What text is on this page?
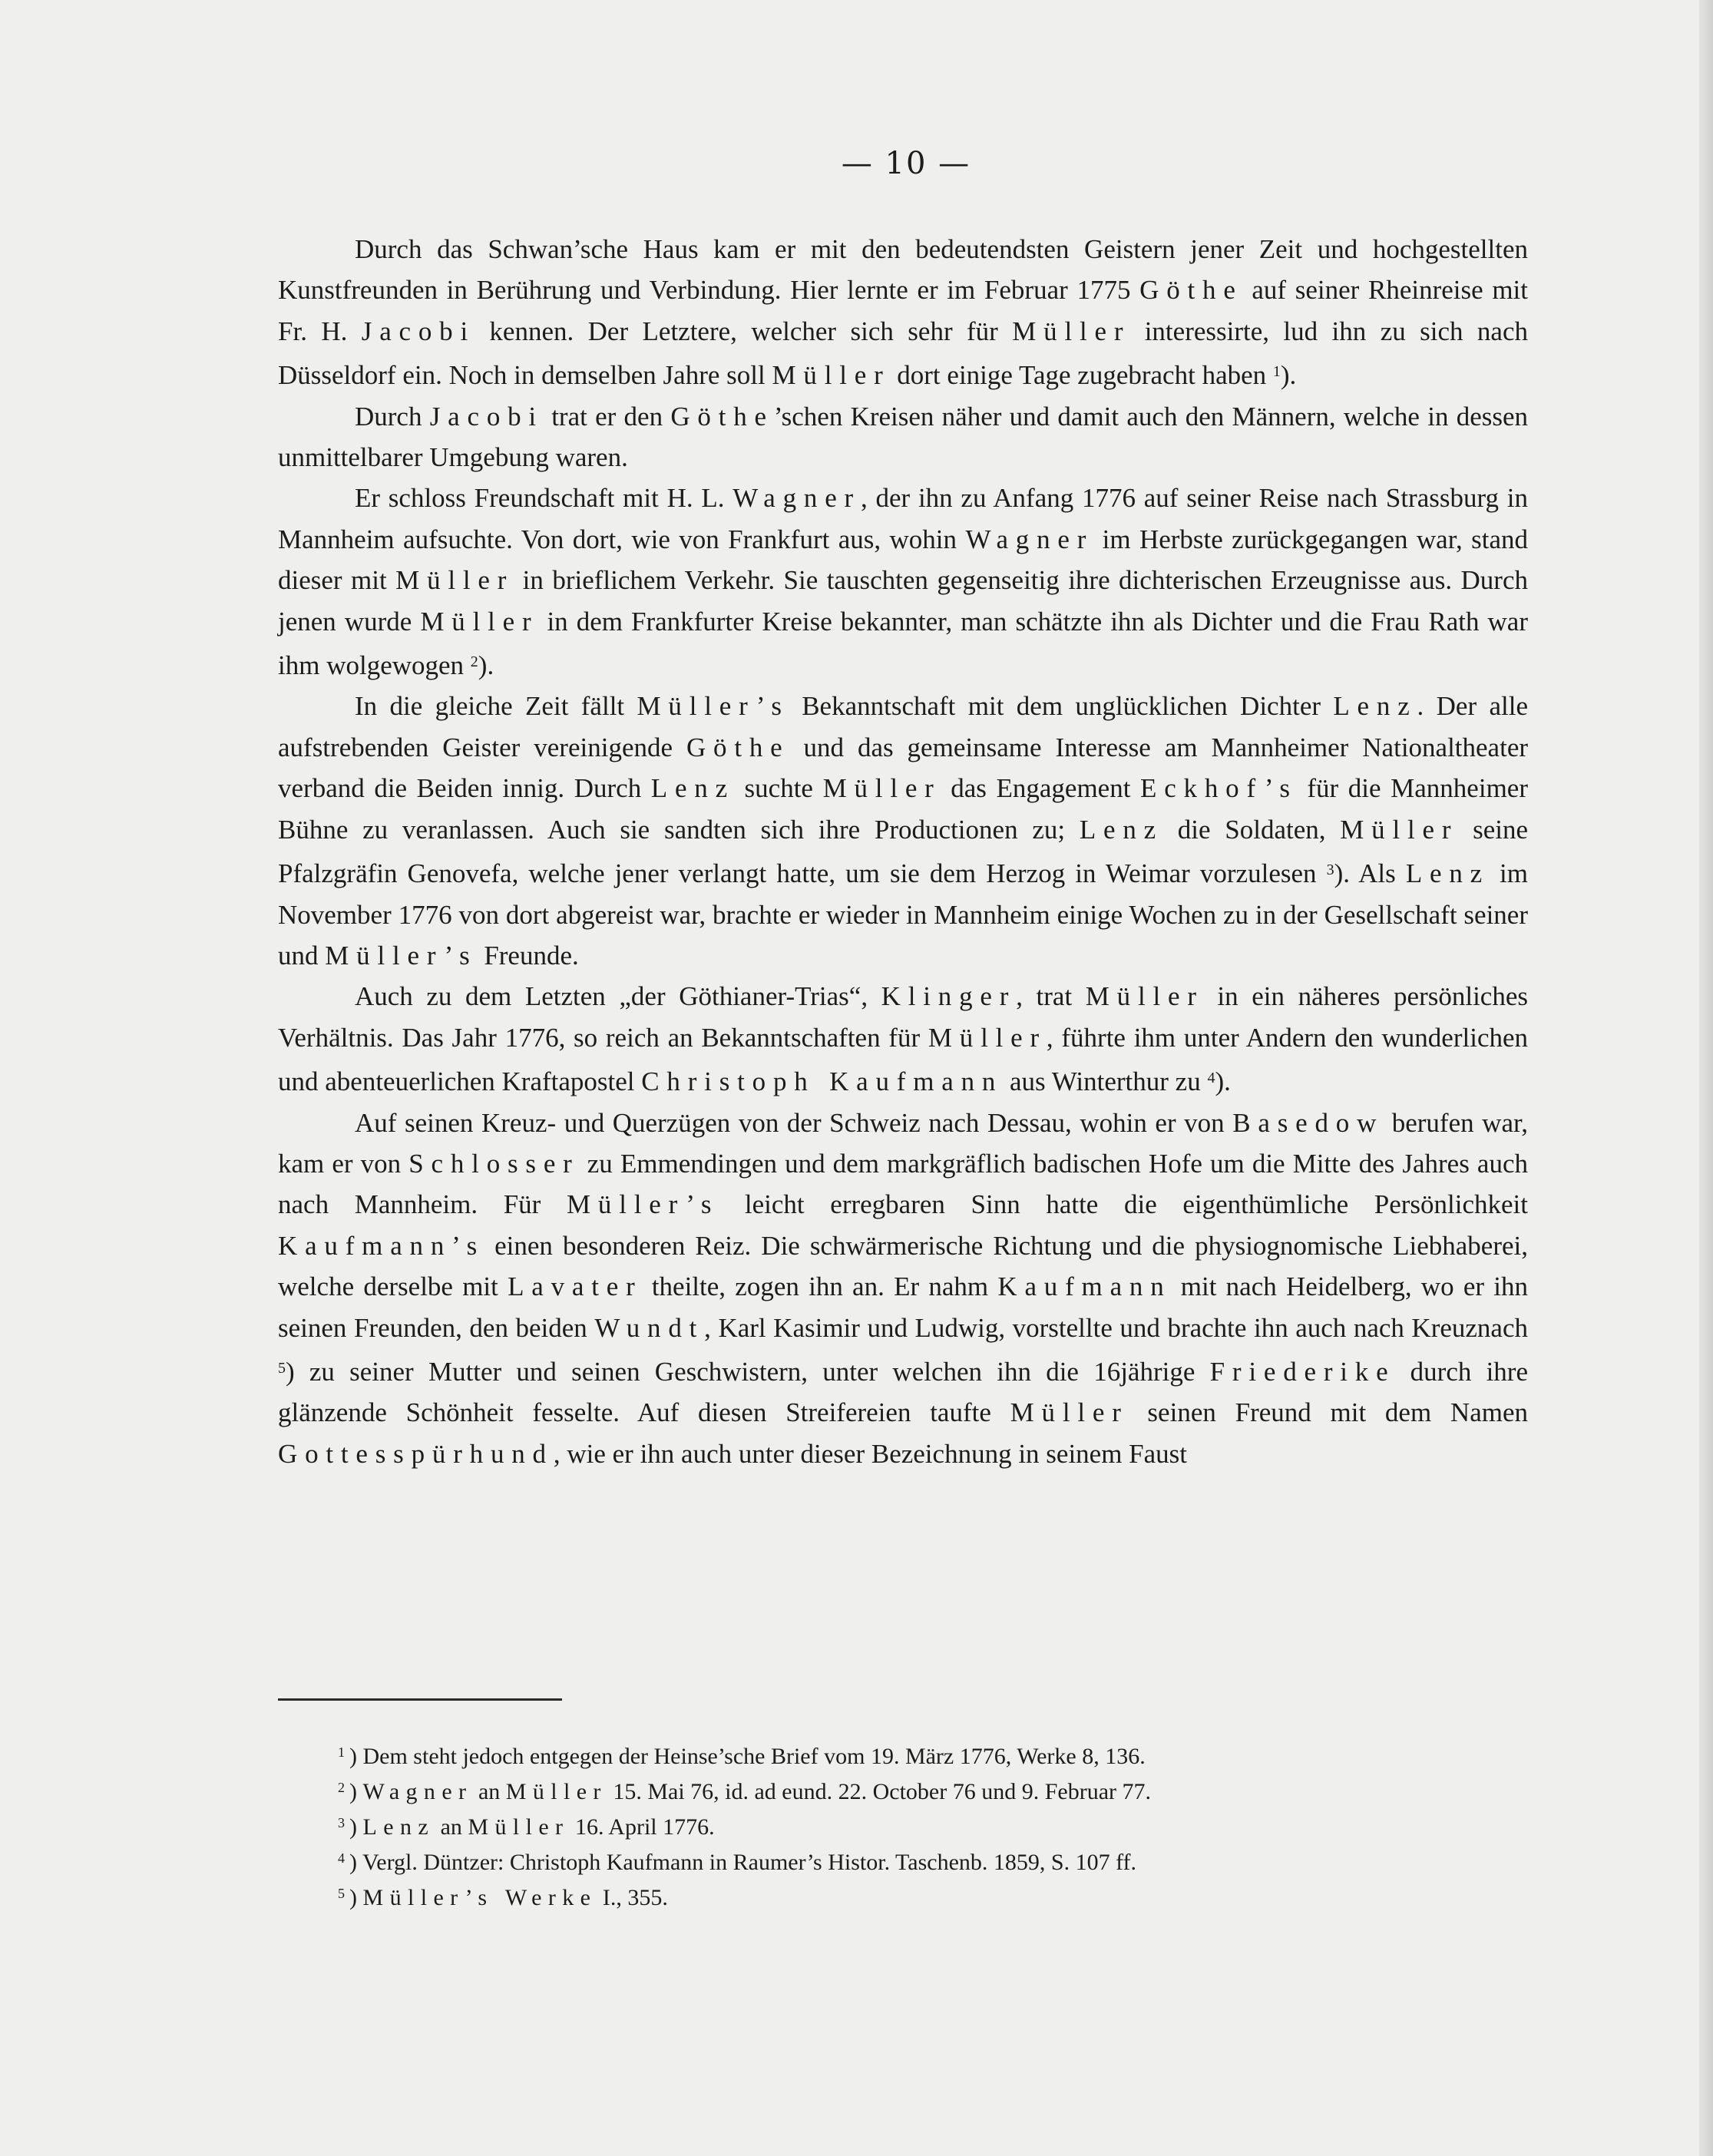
— 10 —

Durch das Schwan’sche Haus kam er mit den bedeutendsten Geistern jener Zeit und hochgestellten Kunstfreunden in Berührung und Verbindung. Hier lernte er im Februar 1775 Göthe auf seiner Rheinreise mit Fr. H. Jacobi kennen. Der Letztere, welcher sich sehr für Müller interessirte, lud ihn zu sich nach Düsseldorf ein. Noch in demselben Jahre soll Müller dort einige Tage zugebracht haben $^1$).

Durch Jacobi trat er den Göthe’schen Kreisen näher und damit auch den Männern, welche in dessen unmittelbarer Umgebung waren.

Er schloss Freundschaft mit H. L. Wagner, der ihn zu Anfang 1776 auf seiner Reise nach Strassburg in Mannheim aufsuchte. Von dort, wie von Frankfurt aus, wohin Wagner im Herbste zurückgegangen war, stand dieser mit Müller in brieflichem Verkehr. Sie tauschten gegenseitig ihre dichterischen Erzeugnisse aus. Durch jenen wurde Müller in dem Frankfurter Kreise bekannter, man schätzte ihn als Dichter und die Frau Rath war ihm wolgewogen $^2$).

In die gleiche Zeit fällt Müller’s Bekanntschaft mit dem unglücklichen Dichter Lenz. Der alle aufstrebenden Geister vereinigende Göthe und das gemeinsame Interesse am Mannheimer Nationaltheater verband die Beiden innig. Durch Lenz suchte Müller das Engagement Eckhof’s für die Mannheimer Bühne zu veranlassen. Auch sie sandten sich ihre Productionen zu; Lenz die Soldaten, Müller seine Pfalzgräfin Genovefa, welche jener verlangt hatte, um sie dem Herzog in Weimar vorzulesen $^3$). Als Lenz im November 1776 von dort abgereist war, brachte er wieder in Mannheim einige Wochen zu in der Gesellschaft seiner und Müller’s Freunde.

Auch zu dem Letzten „der Göthianer-Trias“, Klinger, trat Müller in ein näheres persönliches Verhältnis. Das Jahr 1776, so reich an Bekanntschaften für Müller, führte ihm unter Andern den wunderlichen und abenteuerlichen Kraftapostel Christoph Kaufmann aus Winterthur zu $^4$).

Auf seinen Kreuz- und Querzügen von der Schweiz nach Dessau, wohin er von Basedow berufen war, kam er von Schlosser zu Emmendingen und dem markgräflich badischen Hofe um die Mitte des Jahres auch nach Mannheim. Für Müller’s leicht erregbaren Sinn hatte die eigenthümliche Persönlichkeit Kaufmann’s einen besonderen Reiz. Die schwärmerische Richtung und die physiognomische Liebhaberei, welche derselbe mit Lavater theilte, zogen ihn an. Er nahm Kaufmann mit nach Heidelberg, wo er ihn seinen Freunden, den beiden Wundt, Karl Kasimir und Ludwig, vorstellte und brachte ihn auch nach Kreuznach $^5$) zu seiner Mutter und seinen Geschwistern, unter welchen ihn die 16jährige Friederike durch ihre glänzende Schönheit fesselte. Auf diesen Streifereien taufte Müller seinen Freund mit dem Namen Gottesspürhund, wie er ihn auch unter dieser Bezeichnung in seinem Faust

$^1$ ) Dem steht jedoch entgegen der Heinse’sche Brief vom 19. März 1776, Werke 8, 136.
$^2$ ) Wagner an Müller 15. Mai 76, id. ad eund. 22. October 76 und 9. Februar 77.
$^3$ ) Lenz an Müller 16. April 1776.
$^4$ ) Vergl. Düntzer: Christoph Kaufmann in Raumer’s Histor. Taschenb. 1859, S. 107 ff.
$^5$ ) Müller’s Werke I., 355.
